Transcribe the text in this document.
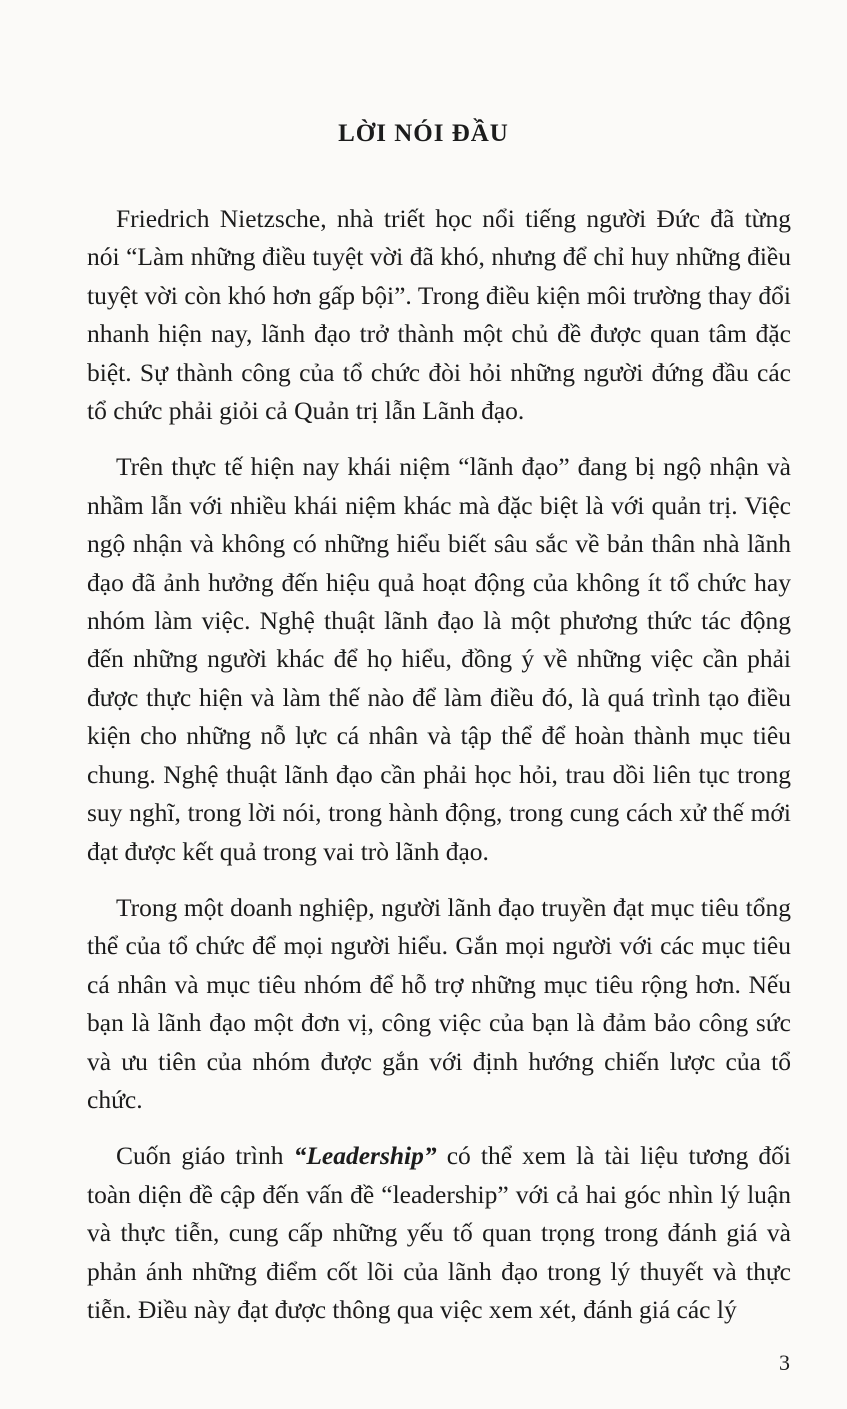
LỜI NÓI ĐẦU

Friedrich Nietzsche, nhà triết học nổi tiếng người Đức đã từng nói “Làm những điều tuyệt vời đã khó, nhưng để chỉ huy những điều tuyệt vời còn khó hơn gấp bội”. Trong điều kiện môi trường thay đổi nhanh hiện nay, lãnh đạo trở thành một chủ đề được quan tâm đặc biệt. Sự thành công của tổ chức đòi hỏi những người đứng đầu các tổ chức phải giỏi cả Quản trị lẫn Lãnh đạo.

Trên thực tế hiện nay khái niệm “lãnh đạo” đang bị ngộ nhận và nhầm lẫn với nhiều khái niệm khác mà đặc biệt là với quản trị. Việc ngộ nhận và không có những hiểu biết sâu sắc về bản thân nhà lãnh đạo đã ảnh hưởng đến hiệu quả hoạt động của không ít tổ chức hay nhóm làm việc. Nghệ thuật lãnh đạo là một phương thức tác động đến những người khác để họ hiểu, đồng ý về những việc cần phải được thực hiện và làm thế nào để làm điều đó, là quá trình tạo điều kiện cho những nỗ lực cá nhân và tập thể để hoàn thành mục tiêu chung. Nghệ thuật lãnh đạo cần phải học hỏi, trau dồi liên tục trong suy nghĩ, trong lời nói, trong hành động, trong cung cách xử thế mới đạt được kết quả trong vai trò lãnh đạo.

Trong một doanh nghiệp, người lãnh đạo truyền đạt mục tiêu tổng thể của tổ chức để mọi người hiểu. Gắn mọi người với các mục tiêu cá nhân và mục tiêu nhóm để hỗ trợ những mục tiêu rộng hơn. Nếu bạn là lãnh đạo một đơn vị, công việc của bạn là đảm bảo công sức và ưu tiên của nhóm được gắn với định hướng chiến lược của tổ chức.

Cuốn giáo trình “Leadership” có thể xem là tài liệu tương đối toàn diện đề cập đến vấn đề “leadership” với cả hai góc nhìn lý luận và thực tiễn, cung cấp những yếu tố quan trọng trong đánh giá và phản ánh những điểm cốt lõi của lãnh đạo trong lý thuyết và thực tiễn. Điều này đạt được thông qua việc xem xét, đánh giá các lý

3
